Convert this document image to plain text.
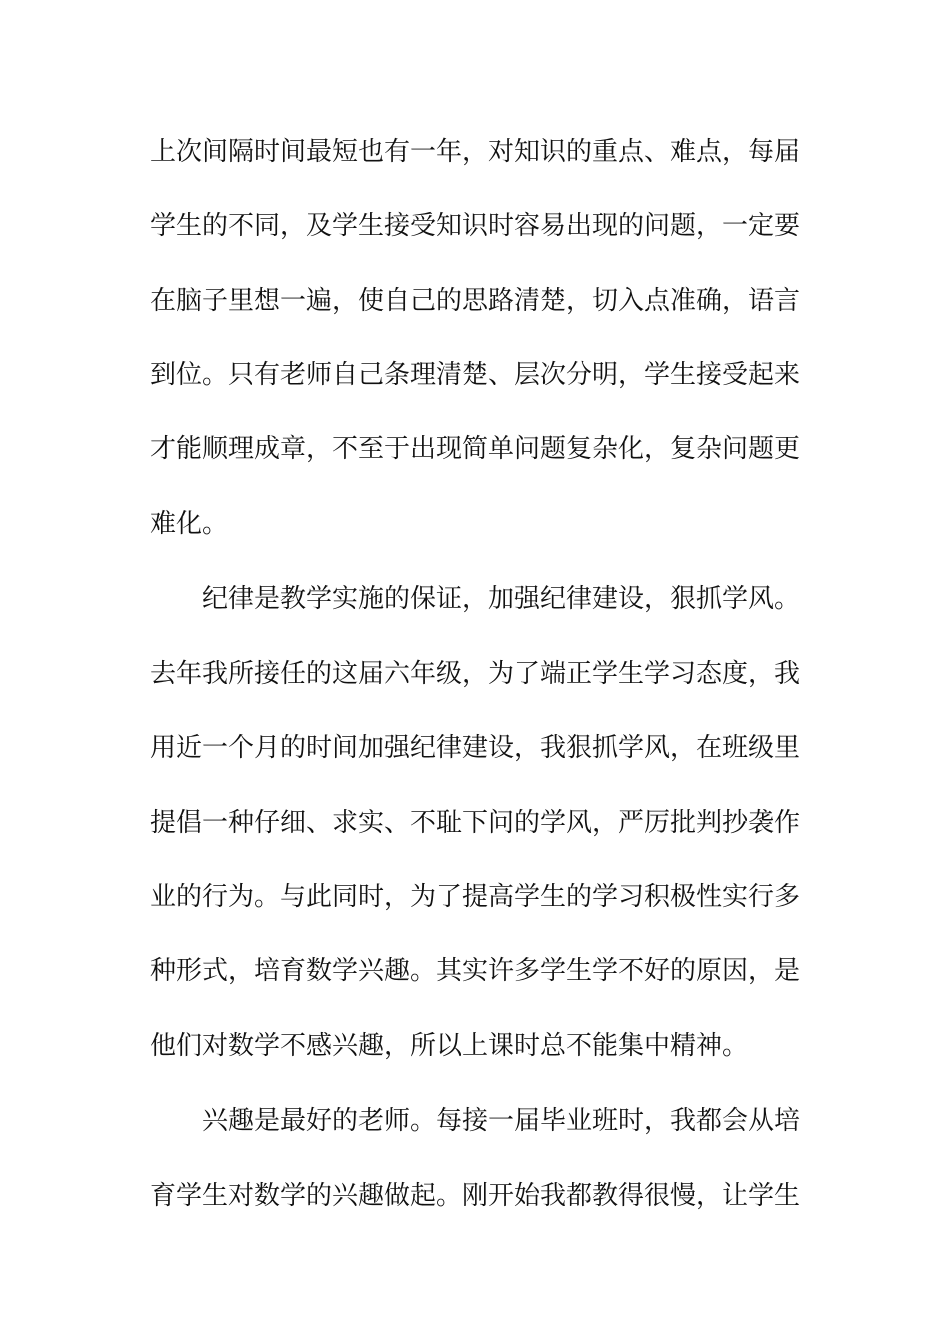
上次间隔时间最短也有一年，对知识的重点、难点，每届
学生的不同，及学生接受知识时容易出现的问题，一定要
在脑子里想一遍，使自己的思路清楚，切入点准确，语言
到位。只有老师自己条理清楚、层次分明，学生接受起来
才能顺理成章，不至于出现简单问题复杂化，复杂问题更
难化。
纪律是教学实施的保证，加强纪律建设，狠抓学风。
去年我所接任的这届六年级，为了端正学生学习态度，我
用近一个月的时间加强纪律建设，我狠抓学风，在班级里
提倡一种仔细、求实、不耻下问的学风，严厉批判抄袭作
业的行为。与此同时，为了提高学生的学习积极性实行多
种形式，培育数学兴趣。其实许多学生学不好的原因，是
他们对数学不感兴趣，所以上课时总不能集中精神。
兴趣是最好的老师。每接一届毕业班时，我都会从培
育学生对数学的兴趣做起。刚开始我都教得很慢，让学生
